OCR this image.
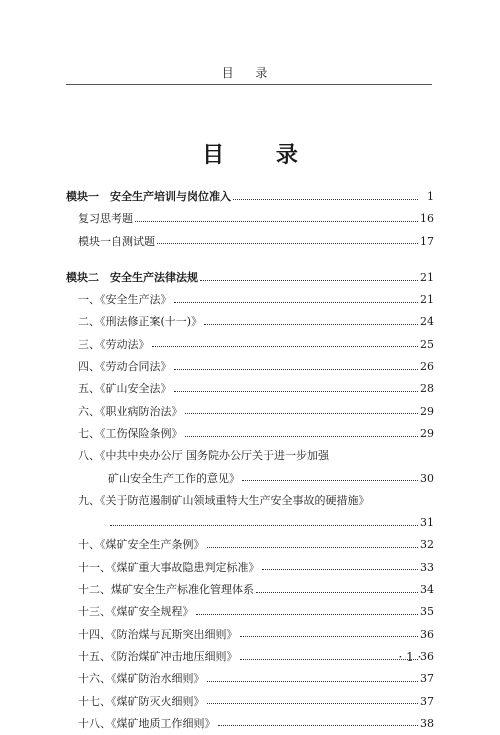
目 录
目 录
模块一　安全生产培训与岗位准入	1
复习思考题	16
模块一自测试题	17
模块二　安全生产法律法规	21
一、《安全生产法》	21
二、《刑法修正案(十一)》	24
三、《劳动法》	25
四、《劳动合同法》	26
五、《矿山安全法》	28
六、《职业病防治法》	29
七、《工伤保险条例》	29
八、《中共中央办公厅 国务院办公厅关于进一步加强
矿山安全生产工作的意见》	30
九、《关于防范遏制矿山领域重特大生产安全事故的硬措施》
31
十、《煤矿安全生产条例》	32
十一、《煤矿重大事故隐患判定标准》	33
十二、煤矿安全生产标准化管理体系	34
十三、《煤矿安全规程》	35
十四、《防治煤与瓦斯突出细则》	36
十五、《防治煤矿冲击地压细则》	36
十六、《煤矿防治水细则》	37
十七、《煤矿防灭火细则》	37
十八、《煤矿地质工作细则》	38
· 1 ·
